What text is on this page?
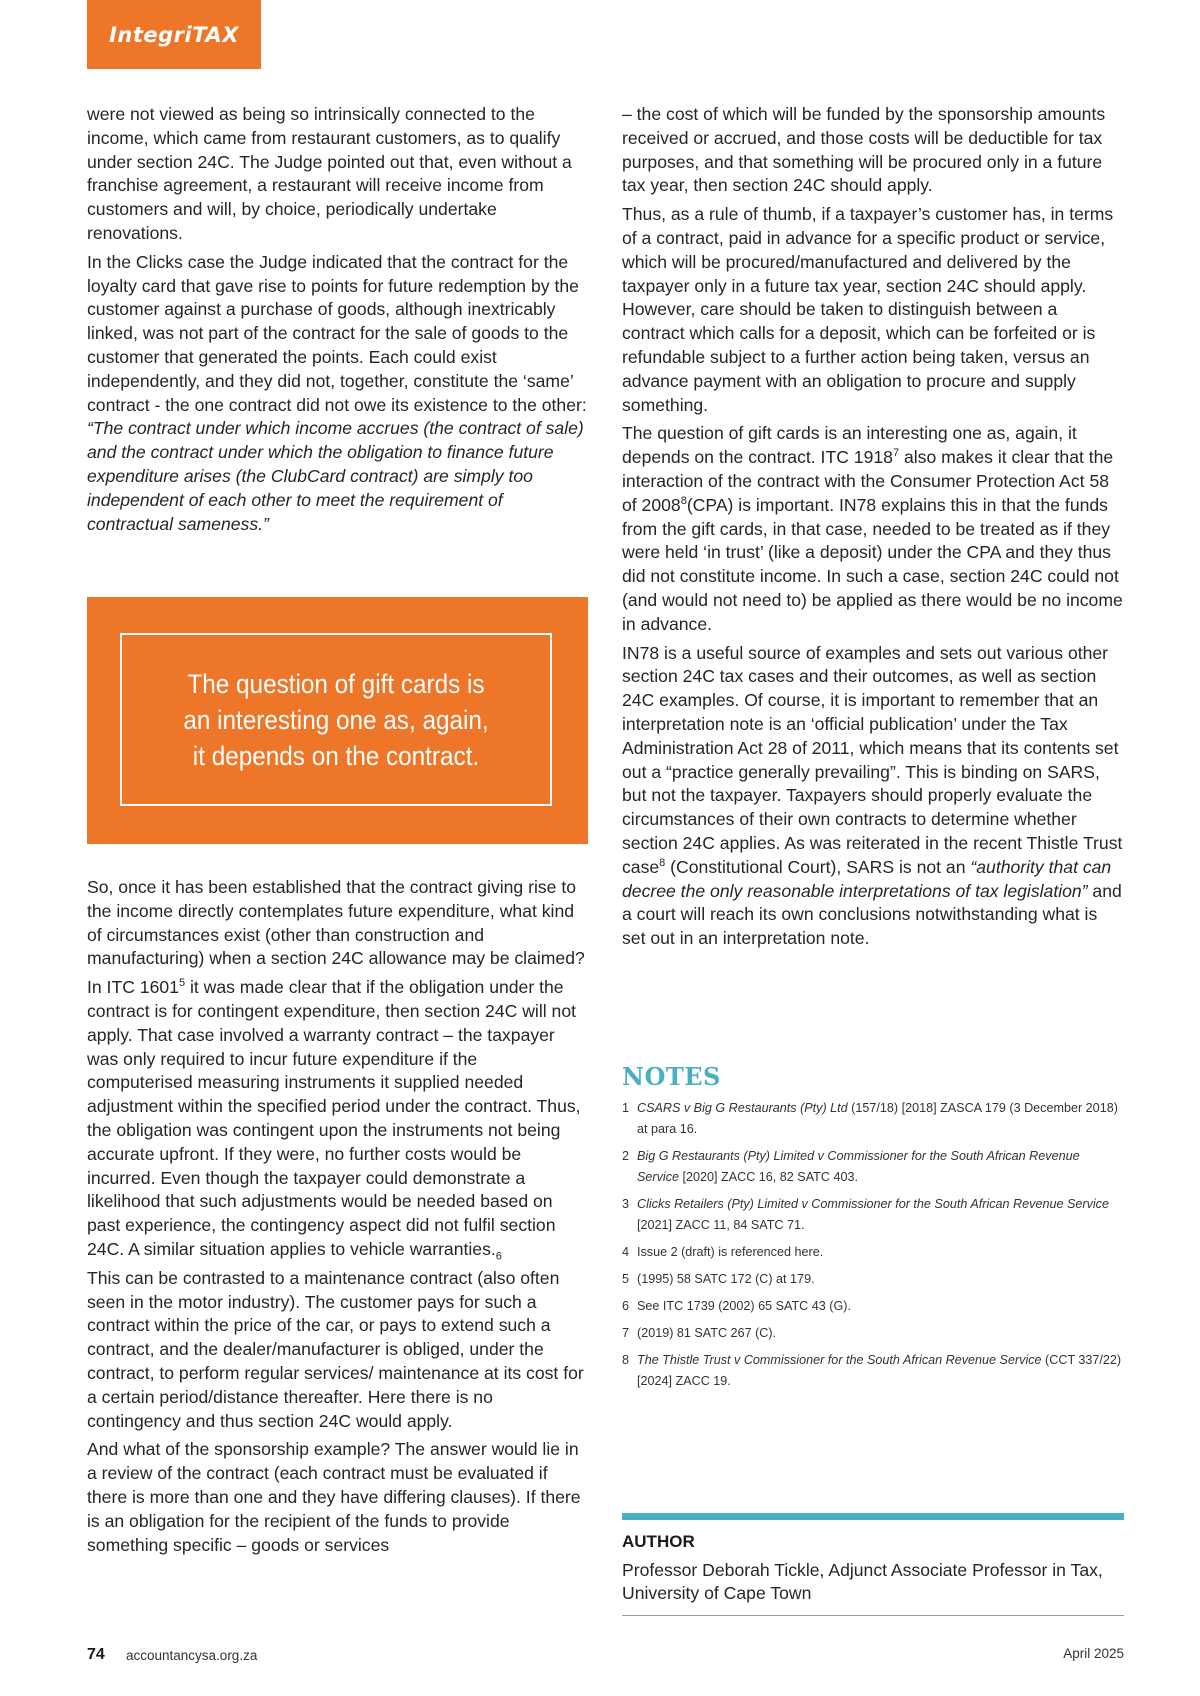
IntegriTAX

were not viewed as being so intrinsically connected to the income, which came from restaurant customers, as to qualify under section 24C. The Judge pointed out that, even without a franchise agreement, a restaurant will receive income from customers and will, by choice, periodically undertake renovations.

In the Clicks case the Judge indicated that the contract for the loyalty card that gave rise to points for future redemption by the customer against a purchase of goods, although inextricably linked, was not part of the contract for the sale of goods to the customer that generated the points. Each could exist independently, and they did not, together, constitute the ‘same’ contract - the one contract did not owe its existence to the other: “The contract under which income accrues (the contract of sale) and the contract under which the obligation to finance future expenditure arises (the ClubCard contract) are simply too independent of each other to meet the requirement of contractual sameness.”

The question of gift cards is an interesting one as, again, it depends on the contract.

So, once it has been established that the contract giving rise to the income directly contemplates future expenditure, what kind of circumstances exist (other than construction and manufacturing) when a section 24C allowance may be claimed?

In ITC 1601$^5$ it was made clear that if the obligation under the contract is for contingent expenditure, then section 24C will not apply. That case involved a warranty contract – the taxpayer was only required to incur future expenditure if the computerised measuring instruments it supplied needed adjustment within the specified period under the contract. Thus, the obligation was contingent upon the instruments not being accurate upfront. If they were, no further costs would be incurred. Even though the taxpayer could demonstrate a likelihood that such adjustments would be needed based on past experience, the contingency aspect did not fulfil section 24C. A similar situation applies to vehicle $warranties._6$

This can be contrasted to a maintenance contract (also often seen in the motor industry). The customer pays for such a contract within the price of the car, or pays to extend such a contract, and the dealer/manufacturer is obliged, under the contract, to perform regular services/ maintenance at its cost for a certain period/distance thereafter. Here there is no contingency and thus section 24C would apply.

And what of the sponsorship example? The answer would lie in a review of the contract (each contract must be evaluated if there is more than one and they have differing clauses). If there is an obligation for the recipient of the funds to provide something specific – goods or services

– the cost of which will be funded by the sponsorship amounts received or accrued, and those costs will be deductible for tax purposes, and that something will be procured only in a future tax year, then section 24C should apply.

Thus, as a rule of thumb, if a taxpayer’s customer has, in terms of a contract, paid in advance for a specific product or service, which will be procured/manufactured and delivered by the taxpayer only in a future tax year, section 24C should apply. However, care should be taken to distinguish between a contract which calls for a deposit, which can be forfeited or is refundable subject to a further action being taken, versus an advance payment with an obligation to procure and supply something.

The question of gift cards is an interesting one as, again, it depends on the contract. ITC 1918$^7$ also makes it clear that the interaction of the contract with the Consumer Protection Act 58 of 2008$^8$(CPA) is important. IN78 explains this in that the funds from the gift cards, in that case, needed to be treated as if they were held ‘in trust’ (like a deposit) under the CPA and they thus did not constitute income. In such a case, section 24C could not (and would not need to) be applied as there would be no income in advance.

IN78 is a useful source of examples and sets out various other section 24C tax cases and their outcomes, as well as section 24C examples. Of course, it is important to remember that an interpretation note is an ‘official publication’ under the Tax Administration Act 28 of 2011, which means that its contents set out a “practice generally prevailing”. This is binding on SARS, but not the taxpayer. Taxpayers should properly evaluate the circumstances of their own contracts to determine whether section 24C applies. As was reiterated in the recent Thistle Trust case$^8$ (Constitutional Court), SARS is not an “authority that can decree the only reasonable interpretations of tax legislation” and a court will reach its own conclusions notwithstanding what is set out in an interpretation note.

NOTES
1 CSARS v Big G Restaurants (Pty) Ltd (157/18) [2018] ZASCA 179 (3 December 2018) at para 16.
2 Big G Restaurants (Pty) Limited v Commissioner for the South African Revenue Service [2020] ZACC 16, 82 SATC 403.
3 Clicks Retailers (Pty) Limited v Commissioner for the South African Revenue Service [2021] ZACC 11, 84 SATC 71.
4 Issue 2 (draft) is referenced here.
5 (1995) 58 SATC 172 (C) at 179.
6 See ITC 1739 (2002) 65 SATC 43 (G).
7 (2019) 81 SATC 267 (C).
8 The Thistle Trust v Commissioner for the South African Revenue Service (CCT 337/22) [2024] ZACC 19.
AUTHOR
Professor Deborah Tickle, Adjunct Associate Professor in Tax, University of Cape Town
74 accountancysa.org.za	April 2025
